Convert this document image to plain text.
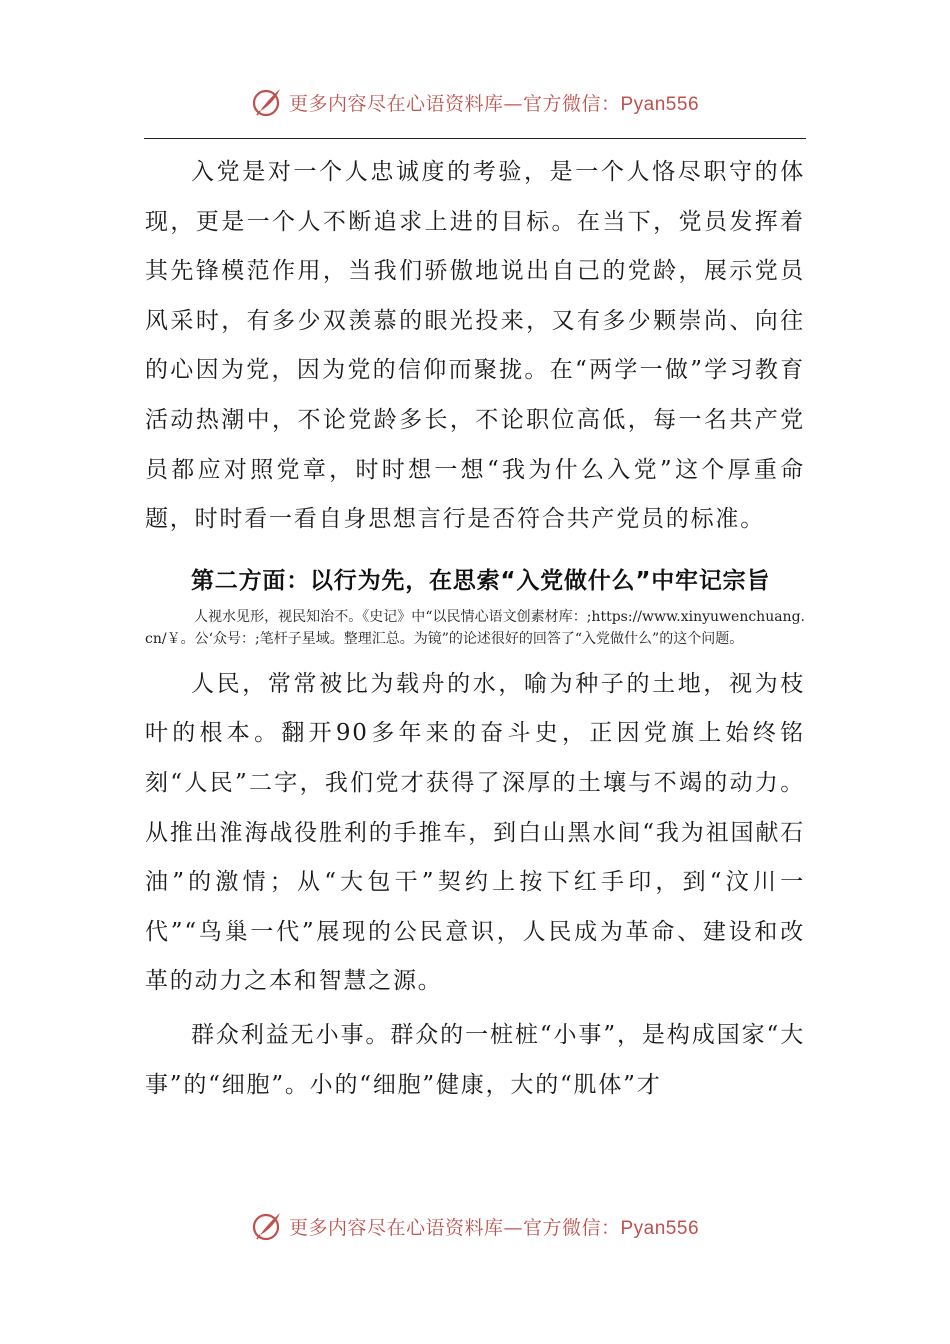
更多内容尽在心语资料库—官方微信：Pyan556

入党是对一个人忠诚度的考验，是一个人恪尽职守的体现，更是一个人不断追求上进的目标。在当下，党员发挥着其先锋模范作用，当我们骄傲地说出自己的党龄，展示党员风采时，有多少双羡慕的眼光投来，又有多少颗崇尚、向往的心因为党，因为党的信仰而聚拢。在“两学一做”学习教育活动热潮中，不论党龄多长，不论职位高低，每一名共产党员都应对照党章，时时想一想“我为什么入党”这个厚重命题，时时看一看自身思想言行是否符合共产党员的标准。

第二方面：以行为先，在思索“入党做什么”中牢记宗旨

人视水见形，视民知治不。《史记》中“以民情心语文创素材库：;https://www.xinyuwenchuang.cn/￥。公‘众号：;笔杆子星域。整理汇总。为镜”的论述很好的回答了“入党做什么”的这个问题。

人民，常常被比为载舟的水，喻为种子的土地，视为枝叶的根本。翻开90多年来的奋斗史，正因党旗上始终铭刻“人民”二字，我们党才获得了深厚的土壤与不竭的动力。从推出淮海战役胜利的手推车，到白山黑水间“我为祖国献石油”的激情；从“大包干”契约上按下红手印，到“汶川一代”“鸟巢一代”展现的公民意识，人民成为革命、建设和改革的动力之本和智慧之源。

群众利益无小事。群众的一桩桩“小事”，是构成国家“大事”的“细胞”。小的“细胞”健康，大的“肌体”才

更多内容尽在心语资料库—官方微信：Pyan556
